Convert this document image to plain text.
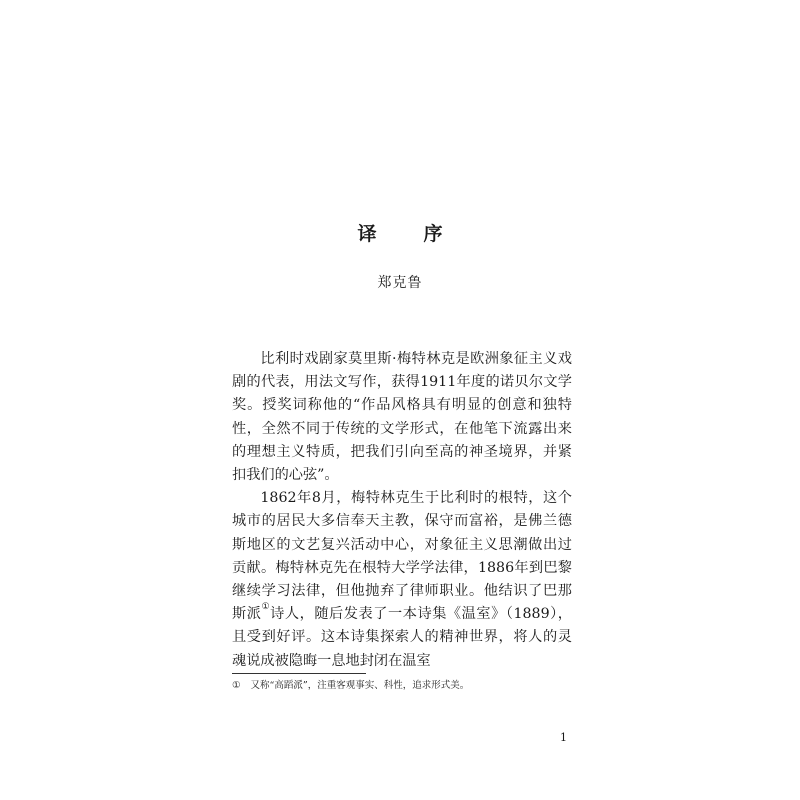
译　序
郑克鲁

比利时戏剧家莫里斯·梅特林克是欧洲象征主义戏剧的代表，用法文写作，获得1911年度的诺贝尔文学奖。授奖词称他的“作品风格具有明显的创意和独特性，全然不同于传统的文学形式，在他笔下流露出来的理想主义特质，把我们引向至高的神圣境界，并紧扣我们的心弦”。

1862年8月，梅特林克生于比利时的根特，这个城市的居民大多信奉天主教，保守而富裕，是佛兰德斯地区的文艺复兴活动中心，对象征主义思潮做出过贡献。梅特林克先在根特大学学法律，1886年到巴黎继续学习法律，但他抛弃了律师职业。他结识了巴那斯派①诗人，随后发表了一本诗集《温室》（1889），且受到好评。这本诗集探索人的精神世界，将人的灵魂说成被隐晦一息地封闭在温室

① 又称“高蹈派”，注重客观事实、科性，追求形式美。
1
